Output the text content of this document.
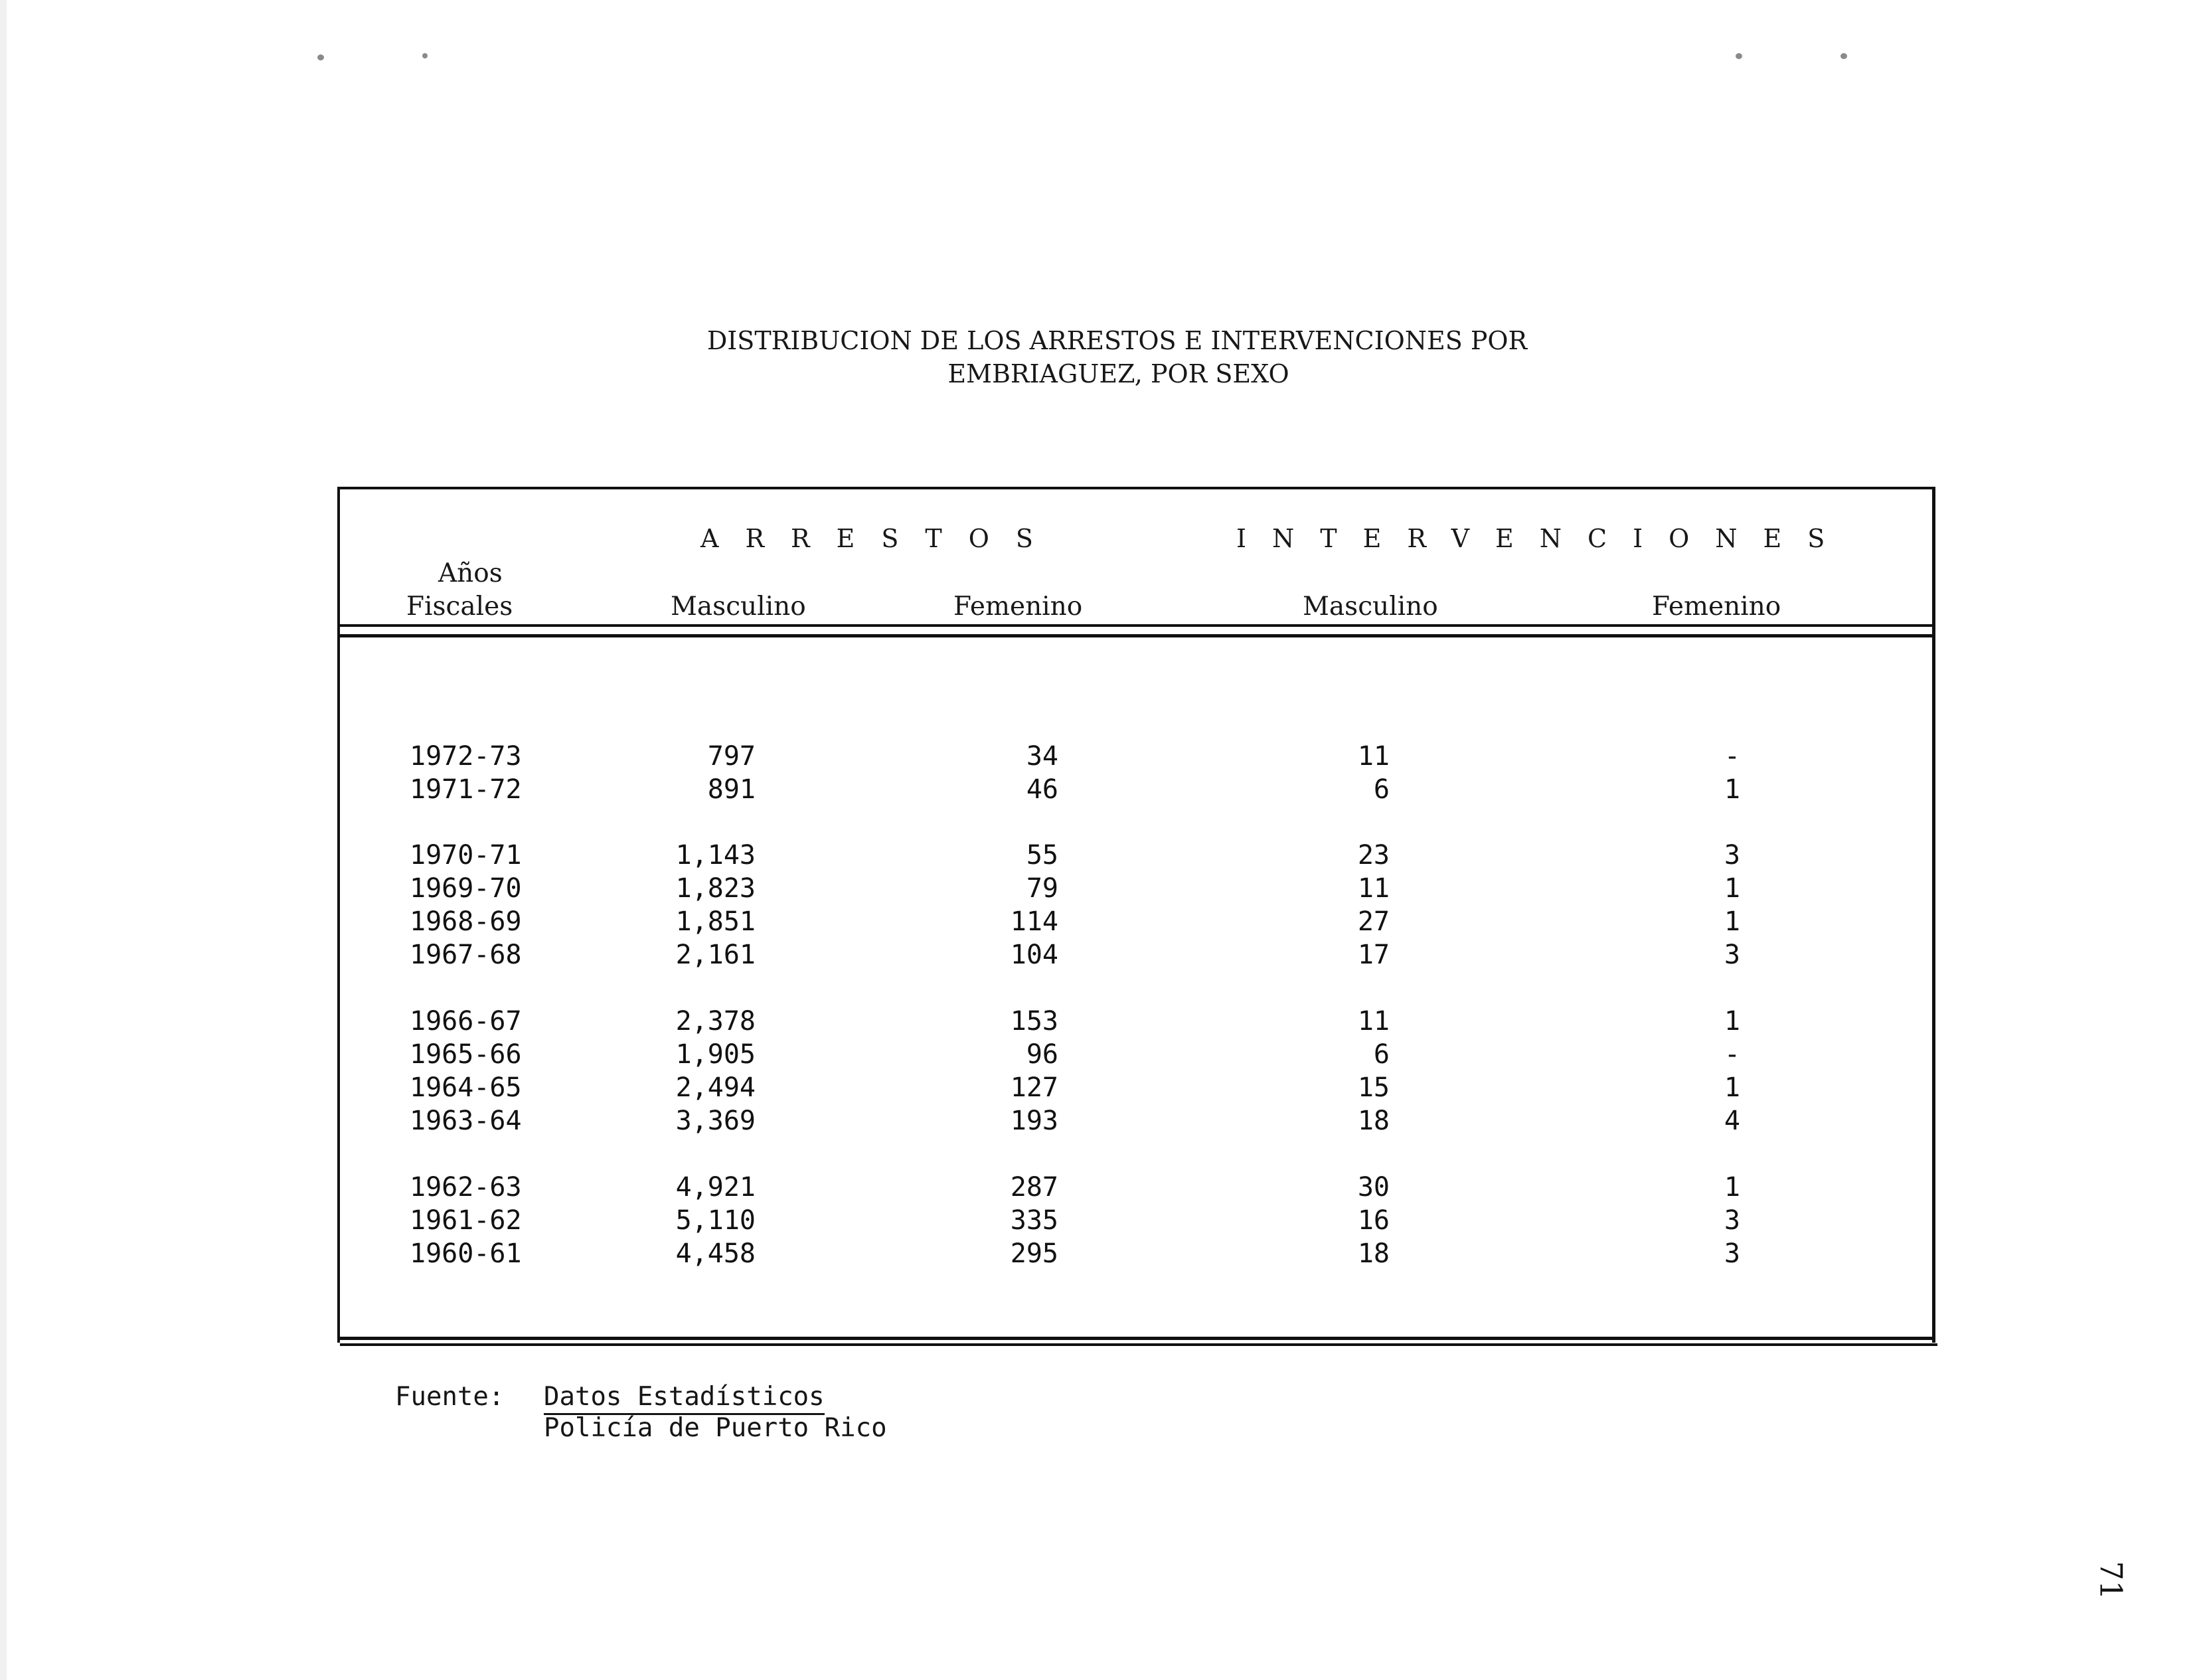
DISTRIBUCION DE LOS ARRESTOS E INTERVENCIONES POR
EMBRIAGUEZ, POR SEXO
ARRESTOS	INTERVENCIONES
Años
Fiscales	Masculino	Femenino	Masculino	Femenino
1972-73	797	34	11	-
1971-72	891	46	6	1
1970-71	1,143	55	23	3
1969-70	1,823	79	11	1
1968-69	1,851	114	27	1
1967-68	2,161	104	17	3
1966-67	2,378	153	11	1
1965-66	1,905	96	6	-
1964-65	2,494	127	15	1
1963-64	3,369	193	18	4
1962-63	4,921	287	30	1
1961-62	5,110	335	16	3
1960-61	4,458	295	18	3
Fuente: Datos Estadísticos
Policía de Puerto Rico
71
